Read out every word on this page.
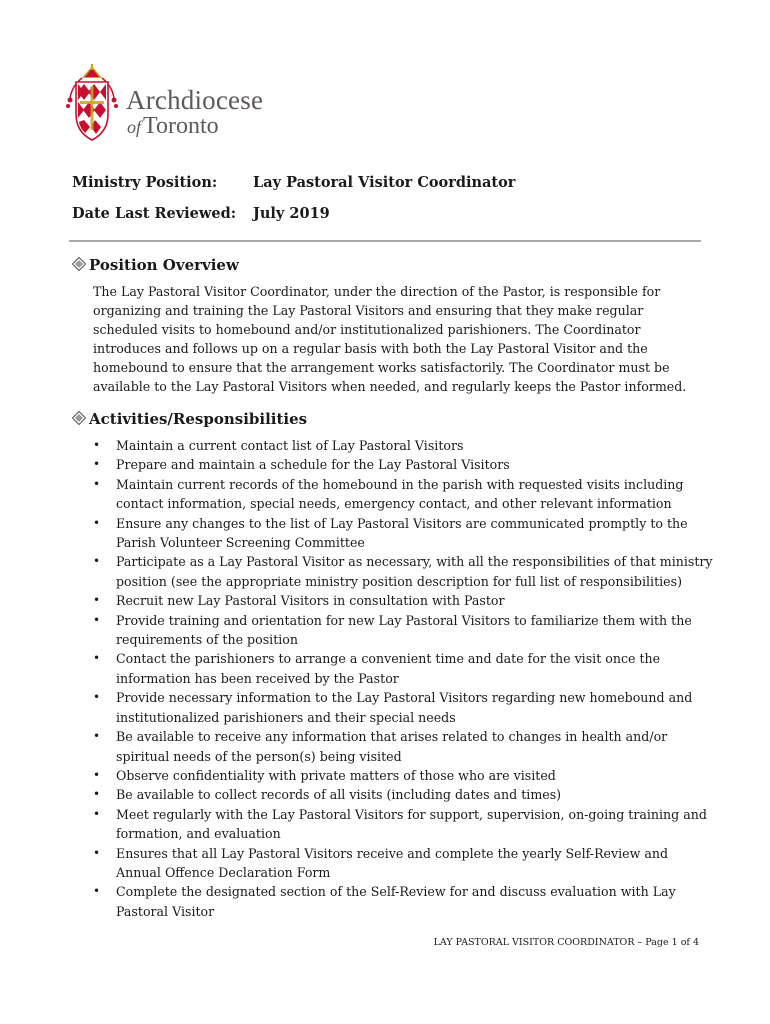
Archdiocese
ofToronto
Ministry Position: Lay Pastoral Visitor Coordinator
Date Last Reviewed: July 2019
Position Overview
The Lay Pastoral Visitor Coordinator, under the direction of the Pastor, is responsible for organizing and training the Lay Pastoral Visitors and ensuring that they make regular scheduled visits to homebound and/or institutionalized parishioners. The Coordinator introduces and follows up on a regular basis with both the Lay Pastoral Visitor and the homebound to ensure that the arrangement works satisfactorily. The Coordinator must be available to the Lay Pastoral Visitors when needed, and regularly keeps the Pastor informed.
Activities/Responsibilities
• Maintain a current contact list of Lay Pastoral Visitors
• Prepare and maintain a schedule for the Lay Pastoral Visitors
• Maintain current records of the homebound in the parish with requested visits including contact information, special needs, emergency contact, and other relevant information
• Ensure any changes to the list of Lay Pastoral Visitors are communicated promptly to the Parish Volunteer Screening Committee
• Participate as a Lay Pastoral Visitor as necessary, with all the responsibilities of that ministry position (see the appropriate ministry position description for full list of responsibilities)
• Recruit new Lay Pastoral Visitors in consultation with Pastor
• Provide training and orientation for new Lay Pastoral Visitors to familiarize them with the requirements of the position
• Contact the parishioners to arrange a convenient time and date for the visit once the information has been received by the Pastor
• Provide necessary information to the Lay Pastoral Visitors regarding new homebound and institutionalized parishioners and their special needs
• Be available to receive any information that arises related to changes in health and/or spiritual needs of the person(s) being visited
• Observe confidentiality with private matters of those who are visited
• Be available to collect records of all visits (including dates and times)
• Meet regularly with the Lay Pastoral Visitors for support, supervision, on-going training and formation, and evaluation
• Ensures that all Lay Pastoral Visitors receive and complete the yearly Self-Review and Annual Offence Declaration Form
• Complete the designated section of the Self-Review for and discuss evaluation with Lay Pastoral Visitor
LAY PASTORAL VISITOR COORDINATOR – Page 1 of 4
